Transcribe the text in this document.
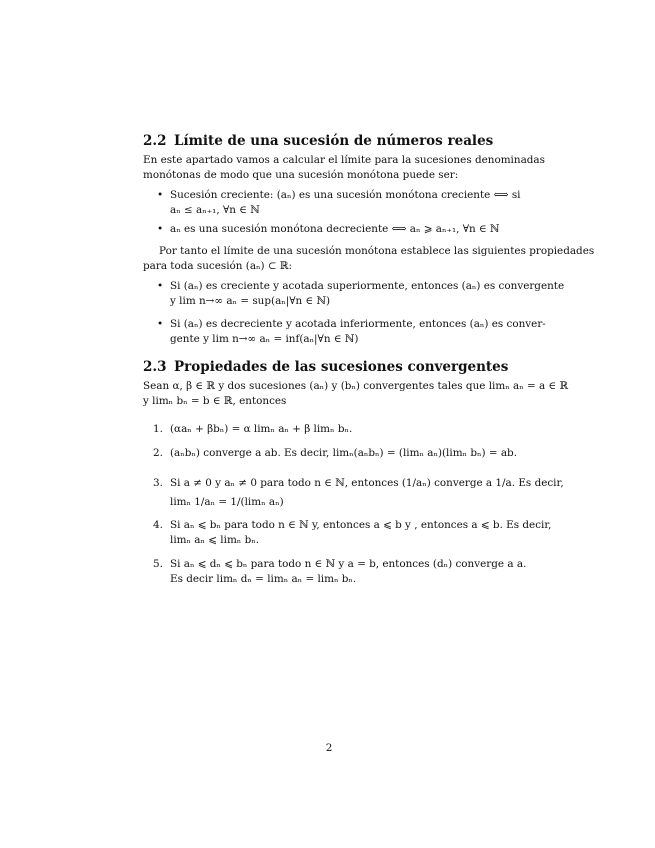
2.2 Límite de una sucesión de números reales
En este apartado vamos a calcular el límite para la sucesiones denominadas
monótonas de modo que una sucesión monótona puede ser:
• Sucesión creciente: (aₙ) es una sucesión monótona creciente ⟺ si
aₙ ≤ aₙ₊₁, ∀n ∈ ℕ
• aₙ es una sucesión monótona decreciente ⟺ aₙ ⩾ aₙ₊₁, ∀n ∈ ℕ
Por tanto el límite de una sucesión monótona establece las siguientes propiedades
para toda sucesión (aₙ) ⊂ ℝ:
• Si (aₙ) es creciente y acotada superiormente, entonces (aₙ) es convergente
y lim n→∞ aₙ = sup(aₙ|∀n ∈ ℕ)
• Si (aₙ) es decreciente y acotada inferiormente, entonces (aₙ) es conver-
gente y lim n→∞ aₙ = inf(aₙ|∀n ∈ ℕ)
2.3 Propiedades de las sucesiones convergentes
Sean α, β ∈ ℝ y dos sucesiones (aₙ) y (bₙ) convergentes tales que limₙ aₙ = a ∈ ℝ
y limₙ bₙ = b ∈ ℝ, entonces
1. (αaₙ + βbₙ) = α limₙ aₙ + β limₙ bₙ.
2. (aₙbₙ) converge a ab. Es decir, limₙ(aₙbₙ) = (limₙ aₙ)(limₙ bₙ) = ab.
3. Si a ≠ 0 y aₙ ≠ 0 para todo n ∈ ℕ, entonces (1/aₙ) converge a 1/a. Es decir,
limₙ 1/aₙ = 1/(limₙ aₙ)
4. Si aₙ ⩽ bₙ para todo n ∈ ℕ y, entonces a ⩽ b y , entonces a ⩽ b. Es decir,
limₙ aₙ ⩽ limₙ bₙ.
5. Si aₙ ⩽ dₙ ⩽ bₙ para todo n ∈ ℕ y a = b, entonces (dₙ) converge a a.
Es decir limₙ dₙ = limₙ aₙ = limₙ bₙ.
2
